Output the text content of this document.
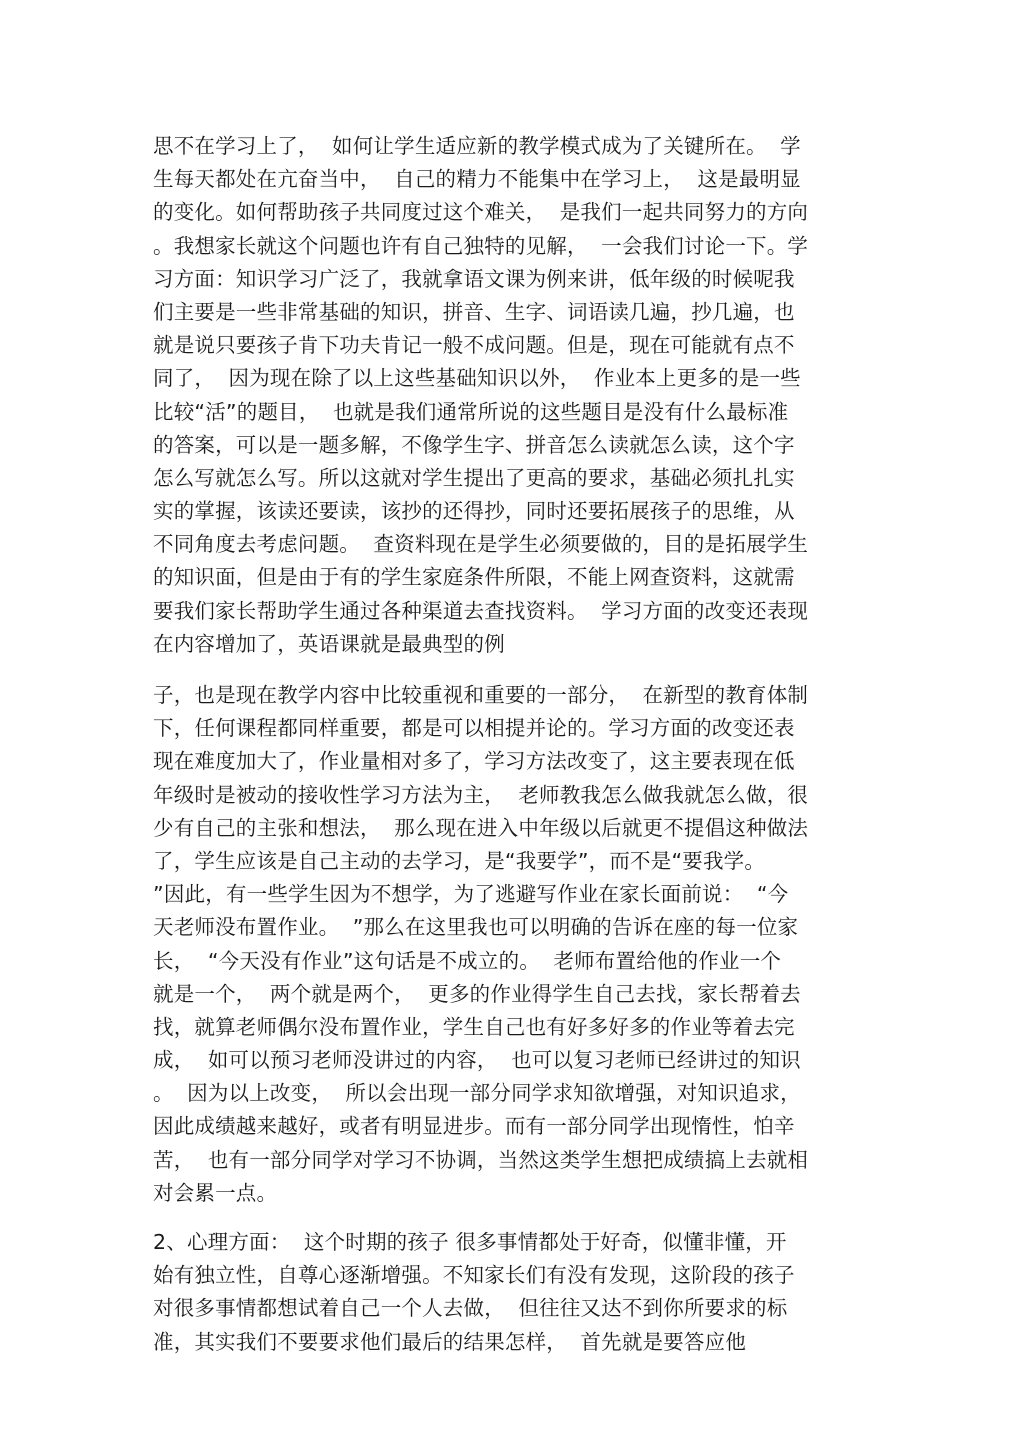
思不在学习上了，  如何让学生适应新的教学模式成为了关键所在。  学
生每天都处在亢奋当中，  自己的精力不能集中在学习上，  这是最明显
的变化。如何帮助孩子共同度过这个难关，  是我们一起共同努力的方向
。我想家长就这个问题也许有自己独特的见解，  一会我们讨论一下。学
习方面：知识学习广泛了，我就拿语文课为例来讲，低年级的时候呢我
们主要是一些非常基础的知识，拼音、生字、词语读几遍，抄几遍，也
就是说只要孩子肯下功夫肯记一般不成问题。但是，现在可能就有点不
同了，  因为现在除了以上这些基础知识以外，  作业本上更多的是一些
比较“活”的题目，  也就是我们通常所说的这些题目是没有什么最标准
的答案，可以是一题多解，不像学生字、拼音怎么读就怎么读，这个字
怎么写就怎么写。所以这就对学生提出了更高的要求，基础必须扎扎实
实的掌握，该读还要读，该抄的还得抄，同时还要拓展孩子的思维，从
不同角度去考虑问题。  查资料现在是学生必须要做的，目的是拓展学生
的知识面，但是由于有的学生家庭条件所限，不能上网查资料，这就需
要我们家长帮助学生通过各种渠道去查找资料。  学习方面的改变还表现
在内容增加了，英语课就是最典型的例
子，也是现在教学内容中比较重视和重要的一部分，  在新型的教育体制
下，任何课程都同样重要，都是可以相提并论的。学习方面的改变还表
现在难度加大了，作业量相对多了，学习方法改变了，这主要表现在低
年级时是被动的接收性学习方法为主，  老师教我怎么做我就怎么做，很
少有自己的主张和想法，  那么现在进入中年级以后就更不提倡这种做法
了，学生应该是自己主动的去学习，是“我要学”，而不是“要我学。
”因此，有一些学生因为不想学，为了逃避写作业在家长面前说：  “今
天老师没布置作业。  ”那么在这里我也可以明确的告诉在座的每一位家
长，  “今天没有作业”这句话是不成立的。  老师布置给他的作业一个
就是一个，  两个就是两个，  更多的作业得学生自己去找，家长帮着去
找，就算老师偶尔没布置作业，学生自己也有好多好多的作业等着去完
成，  如可以预习老师没讲过的内容，  也可以复习老师已经讲过的知识
。  因为以上改变，  所以会出现一部分同学求知欲增强，对知识追求，
因此成绩越来越好，或者有明显进步。而有一部分同学出现惰性，怕辛
苦，  也有一部分同学对学习不协调，当然这类学生想把成绩搞上去就相
对会累一点。
2、心理方面：  这个时期的孩子 很多事情都处于好奇，似懂非懂，开
始有独立性，自尊心逐渐增强。不知家长们有没有发现，这阶段的孩子
对很多事情都想试着自己一个人去做，  但往往又达不到你所要求的标
准，其实我们不要要求他们最后的结果怎样，  首先就是要答应他
